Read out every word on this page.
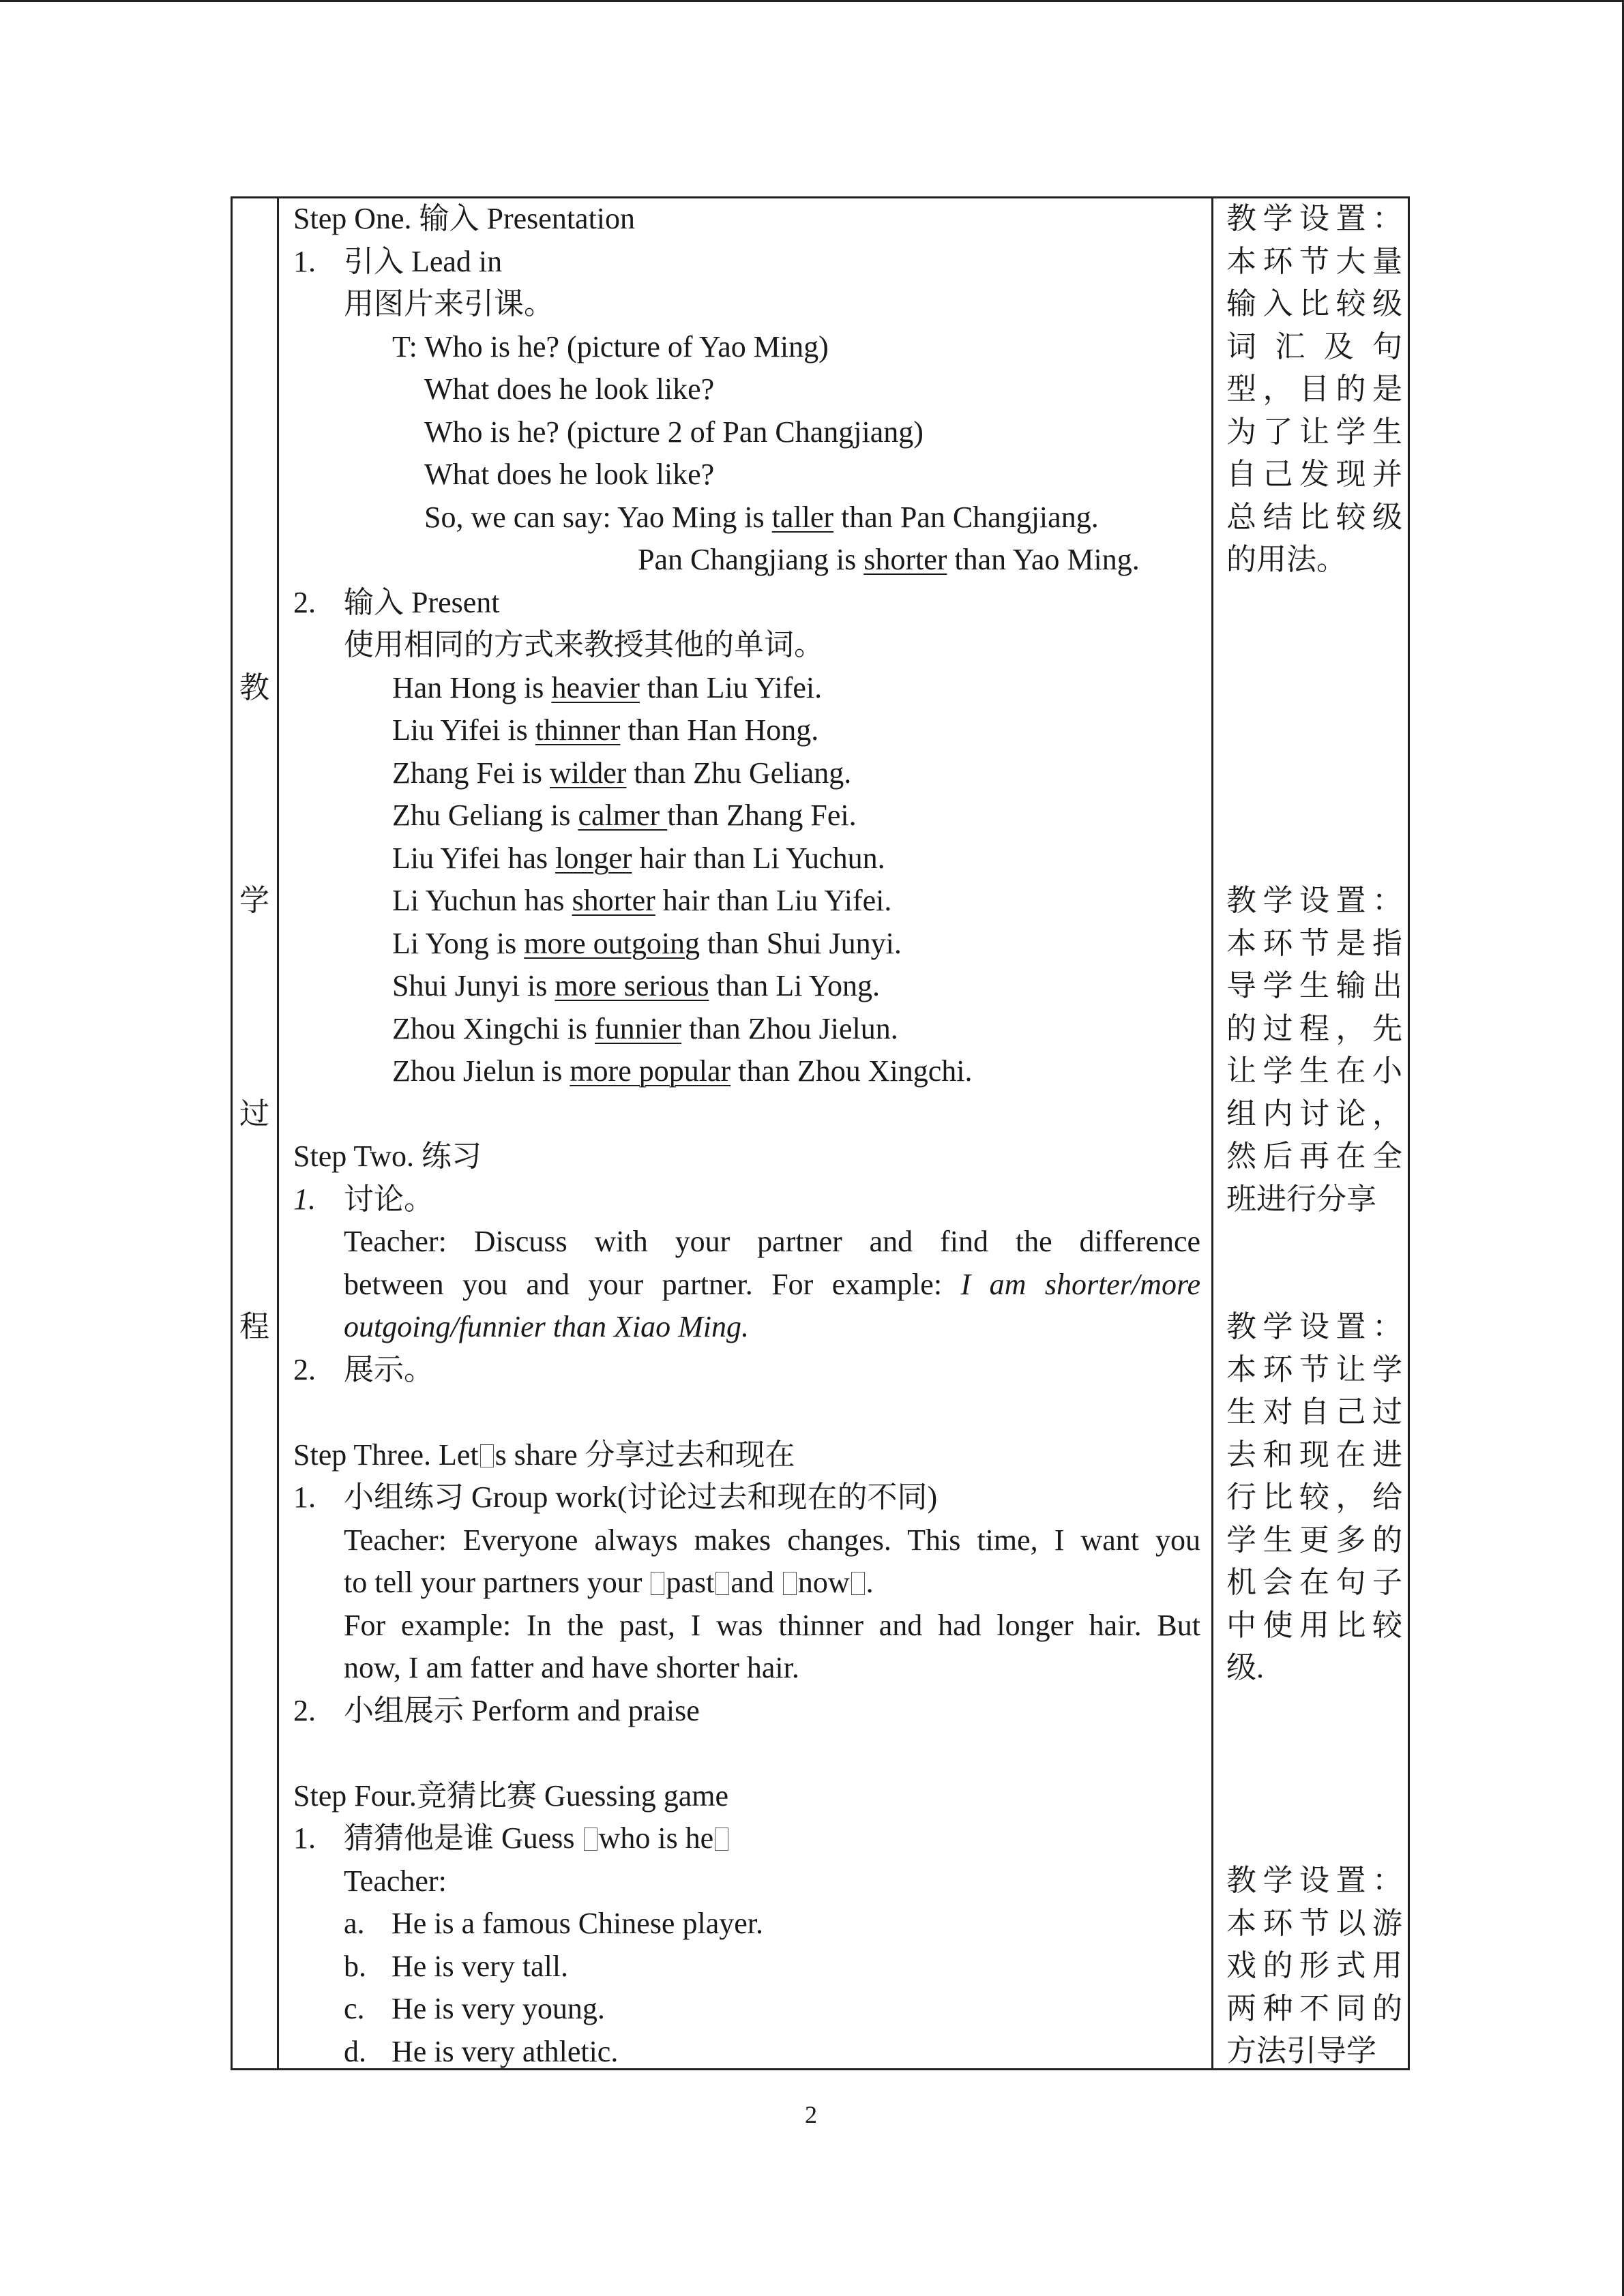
教
学
过
程
Step One. 输入 Presentation
1. 引入 Lead in
用图片来引课。
T: Who is he? (picture of Yao Ming)
What does he look like?
Who is he? (picture 2 of Pan Changjiang)
What does he look like?
So, we can say: Yao Ming is taller than Pan Changjiang.
Pan Changjiang is shorter than Yao Ming.
2. 输入 Present
使用相同的方式来教授其他的单词。
Han Hong is heavier than Liu Yifei.
Liu Yifei is thinner than Han Hong.
Zhang Fei is wilder than Zhu Geliang.
Zhu Geliang is calmer than Zhang Fei.
Liu Yifei has longer hair than Li Yuchun.
Li Yuchun has shorter hair than Liu Yifei.
Li Yong is more outgoing than Shui Junyi.
Shui Junyi is more serious than Li Yong.
Zhou Xingchi is funnier than Zhou Jielun.
Zhou Jielun is more popular than Zhou Xingchi.
Step Two. 练习
1. 讨论。
Teacher: Discuss with your partner and find the difference
between you and your partner. For example: I am shorter/more
outgoing/funnier than Xiao Ming.
2. 展示。
Step Three. Let s share 分享过去和现在
1. 小组练习 Group work(讨论过去和现在的不同)
Teacher: Everyone always makes changes. This time, I want you
to tell your partners your past and now .
For example: In the past, I was thinner and had longer hair. But
now, I am fatter and have shorter hair.
2. 小组展示 Perform and praise
Step Four.竞猜比赛 Guessing game
1. 猜猜他是谁 Guess who is he
Teacher:
a. He is a famous Chinese player.
b. He is very tall.
c. He is very young.
d. He is very athletic.
教学设置：本环节大量输入比较级词汇及句型，目的是为了让学生自己发现并总结比较级的用法。
教学设置：本环节是指导学生输出的过程，先让学生在小组内讨论，然后再在全班进行分享
教学设置：本环节让学生对自己过去和现在进行比较，给学生更多的机会在句子中使用比较级.
教学设置：本环节以游戏的形式用两种不同的方法引导学
2
